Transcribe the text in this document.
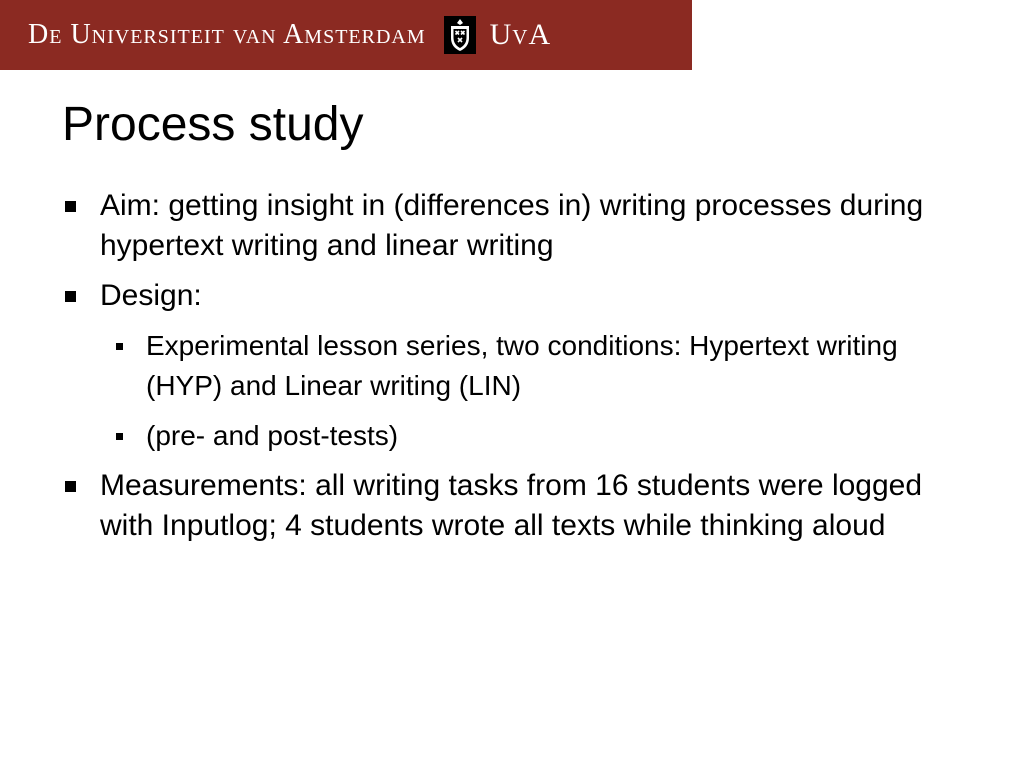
De Universiteit van Amsterdam UvA
Process study
Aim: getting insight in (differences in) writing processes during hypertext writing and linear writing
Design:
Experimental lesson series, two conditions: Hypertext writing (HYP) and Linear writing (LIN)
(pre- and post-tests)
Measurements: all writing tasks from 16 students were logged with Inputlog; 4 students wrote all texts while thinking aloud
